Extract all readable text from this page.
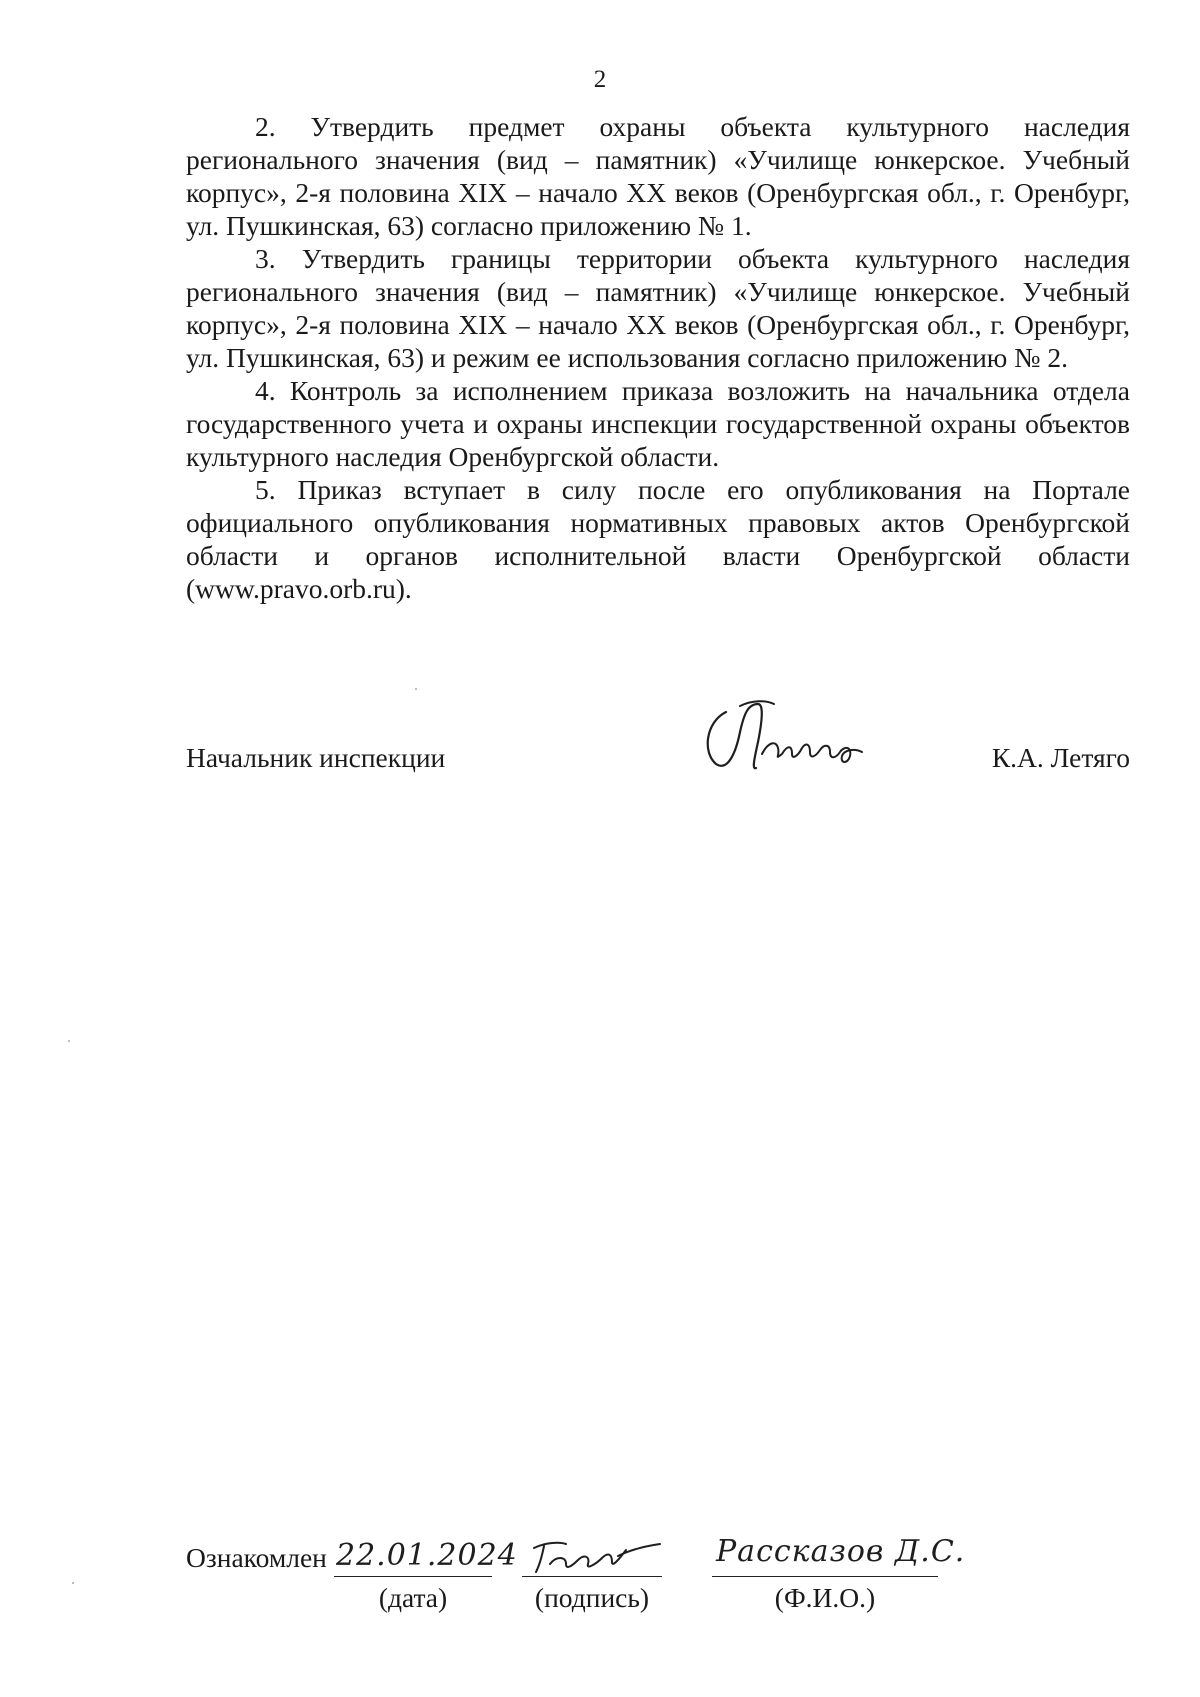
2

2. Утвердить предмет охраны объекта культурного наследия регионального значения (вид – памятник) «Училище юнкерское. Учебный корпус», 2-я половина XIX – начало XX веков (Оренбургская обл., г. Оренбург, ул. Пушкинская, 63) согласно приложению № 1.

3. Утвердить границы территории объекта культурного наследия регионального значения (вид – памятник) «Училище юнкерское. Учебный корпус», 2-я половина XIX – начало XX веков (Оренбургская обл., г. Оренбург, ул. Пушкинская, 63) и режим ее использования согласно приложению № 2.

4. Контроль за исполнением приказа возложить на начальника отдела государственного учета и охраны инспекции государственной охраны объектов культурного наследия Оренбургской области.

5. Приказ вступает в силу после его опубликования на Портале официального опубликования нормативных правовых актов Оренбургской области и органов исполнительной власти Оренбургской области (www.pravo.orb.ru).

Начальник инспекции	К.А. Летяго
Ознакомлен 22.01.2024	Рассказов Д.С.
(дата)	(подпись)	(Ф.И.О.)
